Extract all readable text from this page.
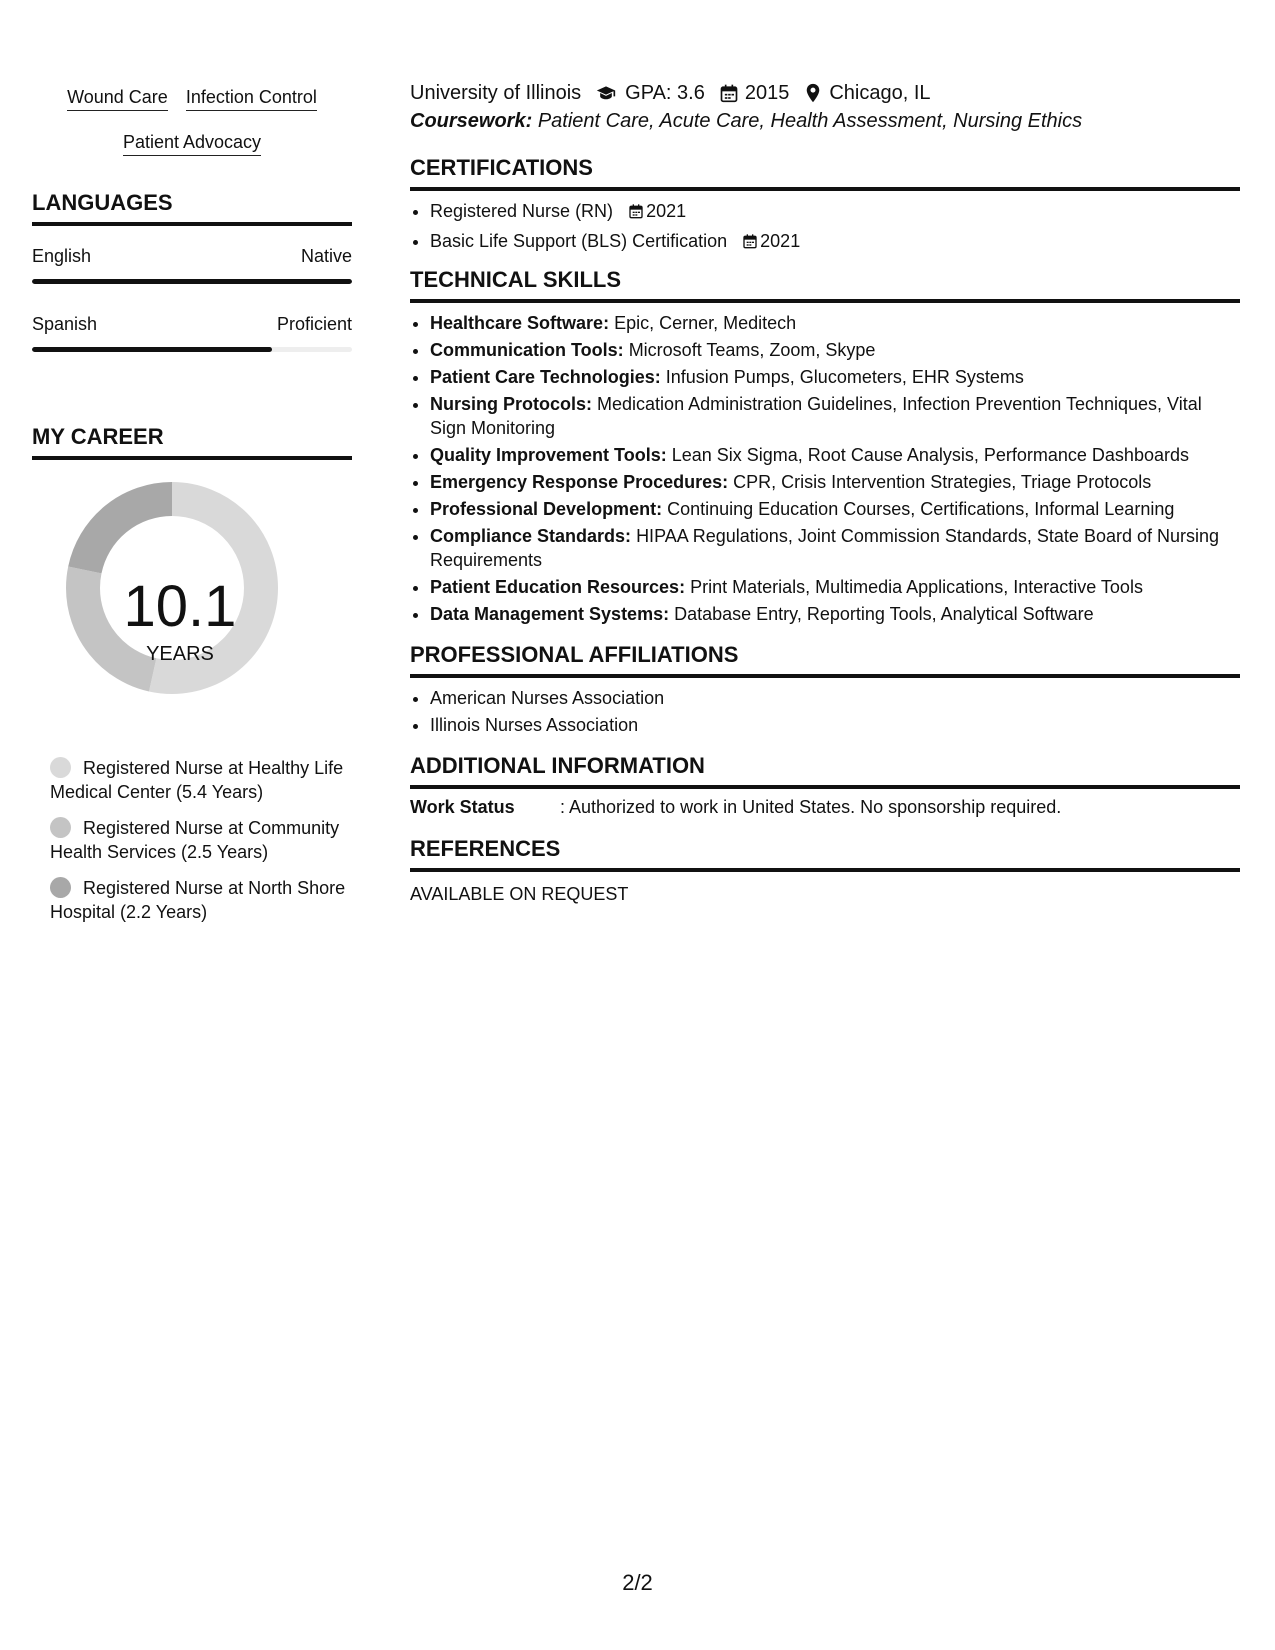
Wound Care Infection Control
Patient Advocacy
LANGUAGES
English	Native
Spanish	Proficient
MY CAREER
10.1
YEARS
Registered Nurse at Healthy Life Medical Center (5.4 Years)
Registered Nurse at Community Health Services (2.5 Years)
Registered Nurse at North Shore Hospital (2.2 Years)
University of Illinois GPA: 3.6 2015 Chicago, IL
Coursework: Patient Care, Acute Care, Health Assessment, Nursing Ethics
CERTIFICATIONS
• Registered Nurse (RN) 2021
• Basic Life Support (BLS) Certification 2021
TECHNICAL SKILLS
• Healthcare Software: Epic, Cerner, Meditech
• Communication Tools: Microsoft Teams, Zoom, Skype
• Patient Care Technologies: Infusion Pumps, Glucometers, EHR Systems
• Nursing Protocols: Medication Administration Guidelines, Infection Prevention Techniques, Vital Sign Monitoring
• Quality Improvement Tools: Lean Six Sigma, Root Cause Analysis, Performance Dashboards
• Emergency Response Procedures: CPR, Crisis Intervention Strategies, Triage Protocols
• Professional Development: Continuing Education Courses, Certifications, Informal Learning
• Compliance Standards: HIPAA Regulations, Joint Commission Standards, State Board of Nursing Requirements
• Patient Education Resources: Print Materials, Multimedia Applications, Interactive Tools
• Data Management Systems: Database Entry, Reporting Tools, Analytical Software
PROFESSIONAL AFFILIATIONS
• American Nurses Association
• Illinois Nurses Association
ADDITIONAL INFORMATION
Work Status	: Authorized to work in United States. No sponsorship required.
REFERENCES
AVAILABLE ON REQUEST
2/2
